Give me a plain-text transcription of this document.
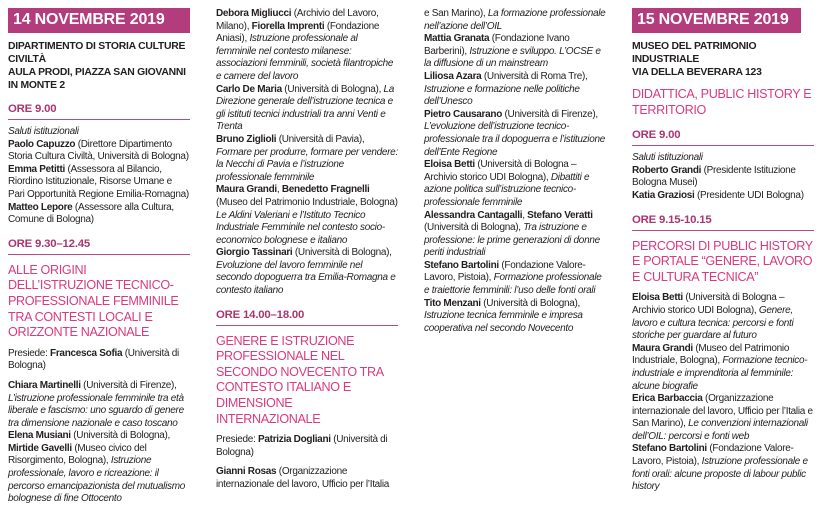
14 NOVEMBRE 2019
DIPARTIMENTO DI STORIA CULTURE CIVILTÀ
AULA PRODI, PIAZZA SAN GIOVANNI IN MONTE 2
ORE 9.00

Saluti istituzionali

Paolo Capuzzo (Direttore Dipartimento Storia Cultura Civiltà, Università di Bologna)

Emma Petitti (Assessora al Bilancio, Riordino Istituzionale, Risorse Umane e Pari Opportunità Regione Emilia-Romagna)

Matteo Lepore (Assessore alla Cultura, Comune di Bologna)

ORE 9.30–12.45
ALLE ORIGINI DELL’ISTRUZIONE TECNICO-PROFESSIONALE FEMMINILE TRA CONTESTI LOCALI E ORIZZONTE NAZIONALE

Presiede: Francesca Sofia (Università di Bologna)

Chiara Martinelli (Università di Firenze), L’istruzione professionale femminile tra età liberale e fascismo: uno sguardo di genere tra dimensione nazionale e caso toscano

Elena Musiani (Università di Bologna), Mirtide Gavelli (Museo civico del Risorgimento, Bologna), Istruzione professionale, lavoro e ricreazione: il percorso emancipazionista del mutualismo bolognese di fine Ottocento

Debora Migliucci (Archivio del Lavoro, Milano), Fiorella Imprenti (Fondazione Aniasi), Istruzione professionale al femminile nel contesto milanese: associazioni femminili, società filantropiche e camere del lavoro

Carlo De Maria (Università di Bologna), La Direzione generale dell’istruzione tecnica e gli istituti tecnici industriali tra anni Venti e Trenta

Bruno Ziglioli (Università di Pavia), Formare per produrre, formare per vendere: la Necchi di Pavia e l’istruzione professionale femminile

Maura Grandi, Benedetto Fragnelli (Museo del Patrimonio Industriale, Bologna) Le Aldini Valeriani e l’Istituto Tecnico Industriale Femminile nel contesto socio-economico bolognese e italiano

Giorgio Tassinari (Università di Bologna), Evoluzione del lavoro femminile nel secondo dopoguerra tra Emilia-Romagna e contesto italiano

ORE 14.00–18.00
GENERE E ISTRUZIONE PROFESSIONALE NEL SECONDO NOVECENTO TRA CONTESTO ITALIANO E DIMENSIONE INTERNAZIONALE

Presiede: Patrizia Dogliani (Università di Bologna)

Gianni Rosas (Organizzazione internazionale del lavoro, Ufficio per l’Italia

e San Marino), La formazione professionale nell’azione dell’OIL

Mattia Granata (Fondazione Ivano Barberini), Istruzione e sviluppo. L’OCSE e la diffusione di un mainstream

Liliosa Azara (Università di Roma Tre), Istruzione e formazione nelle politiche dell’Unesco

Pietro Causarano (Università di Firenze), L’evoluzione dell’istruzione tecnico-professionale tra il dopoguerra e l’istituzione dell’Ente Regione

Eloisa Betti (Università di Bologna – Archivio storico UDI Bologna), Dibattiti e azione politica sull’istruzione tecnico-professionale femminile

Alessandra Cantagalli, Stefano Veratti (Università di Bologna), Tra istruzione e professione: le prime generazioni di donne periti industriali

Stefano Bartolini (Fondazione Valore-Lavoro, Pistoia), Formazione professionale e traiettorie femminili: l’uso delle fonti orali

Tito Menzani (Università di Bologna), Istruzione tecnica femminile e impresa cooperativa nel secondo Novecento

15 NOVEMBRE 2019

MUSEO DEL PATRIMONIO INDUSTRIALE
VIA DELLA BEVERARA 123
DIDATTICA, PUBLIC HISTORY E TERRITORIO
ORE 9.00

Saluti istituzionali

Roberto Grandi (Presidente Istituzione Bologna Musei)

Katia Graziosi (Presidente UDI Bologna)

ORE 9.15-10.15
PERCORSI DI PUBLIC HISTORY E PORTALE “GENERE, LAVORO E CULTURA TECNICA”

Eloisa Betti (Università di Bologna – Archivio storico UDI Bologna), Genere, lavoro e cultura tecnica: percorsi e fonti storiche per guardare al futuro

Maura Grandi (Museo del Patrimonio Industriale, Bologna), Formazione tecnico-industriale e imprenditoria al femminile: alcune biografie

Erica Barbaccia (Organizzazione internazionale del lavoro, Ufficio per l’Italia e San Marino), Le convenzioni internazionali dell’OIL: percorsi e fonti web

Stefano Bartolini (Fondazione Valore-Lavoro, Pistoia), Istruzione professionale e fonti orali: alcune proposte di labour public history
